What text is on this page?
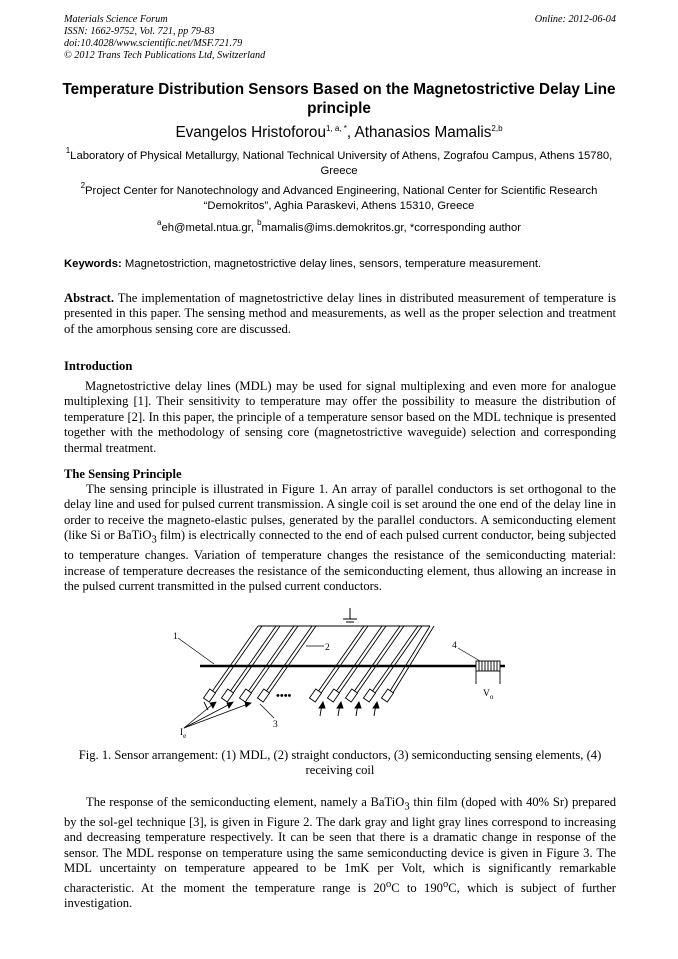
Materials Science Forum
ISSN: 1662-9752, Vol. 721, pp 79-83
doi:10.4028/www.scientific.net/MSF.721.79
© 2012 Trans Tech Publications Ltd, Switzerland
Online: 2012-06-04
Temperature Distribution Sensors Based on the Magnetostrictive Delay Line principle
Evangelos Hristoforou$^{1, a, *}$, Athanasios Mamalis$^{2,b}$
$^1$Laboratory of Physical Metallurgy, National Technical University of Athens, Zografou Campus, Athens 15780, Greece
$^2$Project Center for Nanotechnology and Advanced Engineering, National Center for Scientific Research “Demokritos”, Aghia Paraskevi, Athens 15310, Greece
$^a$eh@metal.ntua.gr, $^b$mamalis@ims.demokritos.gr, *corresponding author
Keywords: Magnetostriction, magnetostrictive delay lines, sensors, temperature measurement.
Abstract. The implementation of magnetostrictive delay lines in distributed measurement of temperature is presented in this paper. The sensing method and measurements, as well as the proper selection and treatment of the amorphous sensing core are discussed.
Introduction
Magnetostrictive delay lines (MDL) may be used for signal multiplexing and even more for analogue multiplexing [1]. Their sensitivity to temperature may offer the possibility to measure the distribution of temperature [2]. In this paper, the principle of a temperature sensor based on the MDL technique is presented together with the methodology of sensing core (magnetostrictive waveguide) selection and corresponding thermal treatment.
The Sensing Principle
The sensing principle is illustrated in Figure 1. An array of parallel conductors is set orthogonal to the delay line and used for pulsed current transmission. A single coil is set around the one end of the delay line in order to receive the magneto-elastic pulses, generated by the parallel conductors. A semiconducting element (like Si or BaTiO$_3$ film) is electrically connected to the end of each pulsed current conductor, being subjected to temperature changes. Variation of temperature changes the resistance of the semiconducting material: increase of temperature decreases the resistance of the semiconducting element, thus allowing an increase in the pulsed current transmitted in the pulsed current conductors.
1
2
3
4
••••	$V_o$
$I_e$
Fig. 1. Sensor arrangement: (1) MDL, (2) straight conductors, (3) semiconducting sensing elements, (4) receiving coil
The response of the semiconducting element, namely a BaTiO$_3$ thin film (doped with 40% Sr) prepared by the sol-gel technique [3], is given in Figure 2. The dark gray and light gray lines correspond to increasing and decreasing temperature respectively. It can be seen that there is a dramatic change in response of the sensor. The MDL response on temperature using the same semiconducting device is given in Figure 3. The MDL uncertainty on temperature appeared to be 1mK per Volt, which is significantly remarkable characteristic. At the moment the temperature range is 20$^o$C to 190$^o$C, which is subject of further investigation.
